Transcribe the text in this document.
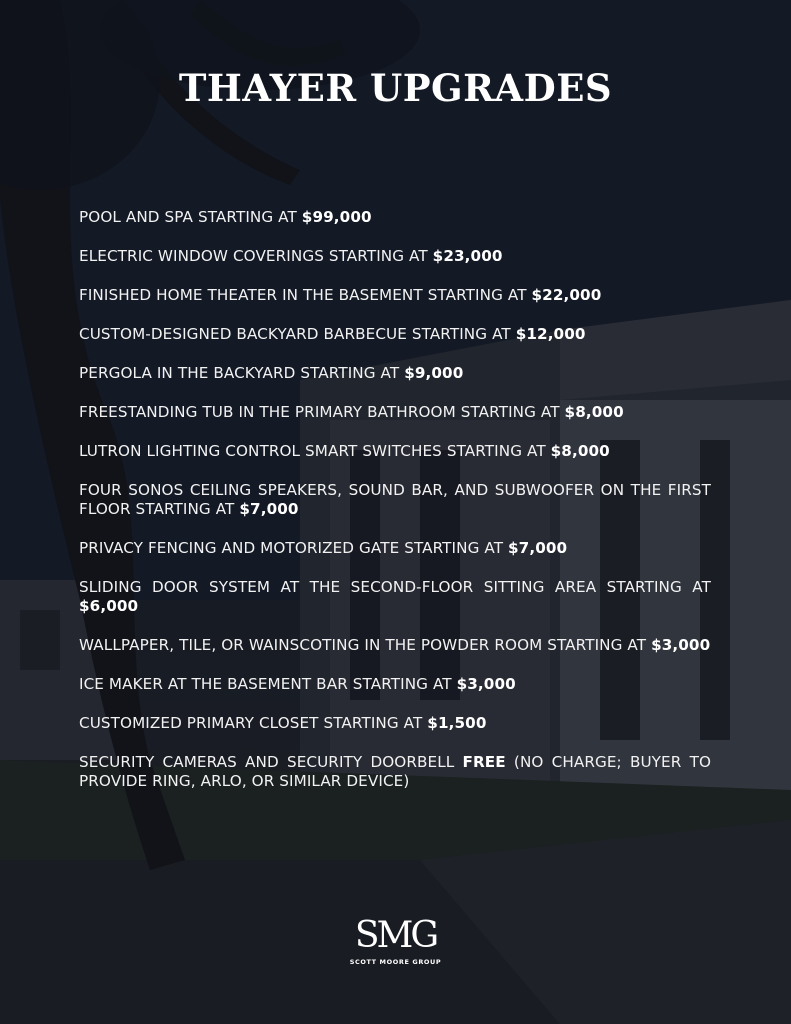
THAYER UPGRADES
POOL AND SPA STARTING AT $99,000
ELECTRIC WINDOW COVERINGS STARTING AT $23,000
FINISHED HOME THEATER IN THE BASEMENT STARTING AT $22,000
CUSTOM-DESIGNED BACKYARD BARBECUE STARTING AT $12,000
PERGOLA IN THE BACKYARD STARTING AT $9,000
FREESTANDING TUB IN THE PRIMARY BATHROOM STARTING AT $8,000
LUTRON LIGHTING CONTROL SMART SWITCHES STARTING AT $8,000
FOUR SONOS CEILING SPEAKERS, SOUND BAR, AND SUBWOOFER ON THE FIRST FLOOR STARTING AT $7,000
PRIVACY FENCING AND MOTORIZED GATE STARTING AT $7,000
SLIDING DOOR SYSTEM AT THE SECOND-FLOOR SITTING AREA STARTING AT $6,000
WALLPAPER, TILE, OR WAINSCOTING IN THE POWDER ROOM STARTING AT $3,000
ICE MAKER AT THE BASEMENT BAR STARTING AT $3,000
CUSTOMIZED PRIMARY CLOSET STARTING AT $1,500
SECURITY CAMERAS AND SECURITY DOORBELL FREE (NO CHARGE; BUYER TO PROVIDE RING, ARLO, OR SIMILAR DEVICE)
SMG
SCOTT MOORE GROUP
